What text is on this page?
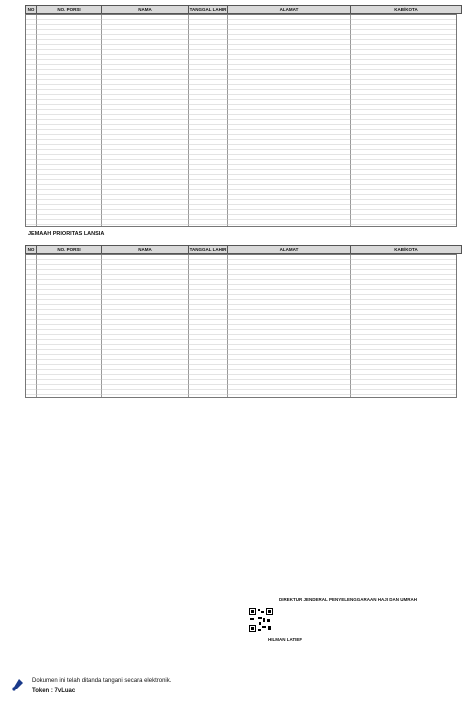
NO	NO. PORSI	NAMA	TANGGAL LAHIR	ALAMAT	KAB/KOTA
JEMAAH PRIORITAS LANSIA
NO	NO. PORSI	NAMA	TANGGAL LAHIR	ALAMAT	KAB/KOTA
DIREKTUR JENDERAL PENYELENGGARAAN HAJI DAN UMRAH
HILMAN LATIEF
Dokumen ini telah ditanda tangani secara elektronik.
Token : 7vLuac
